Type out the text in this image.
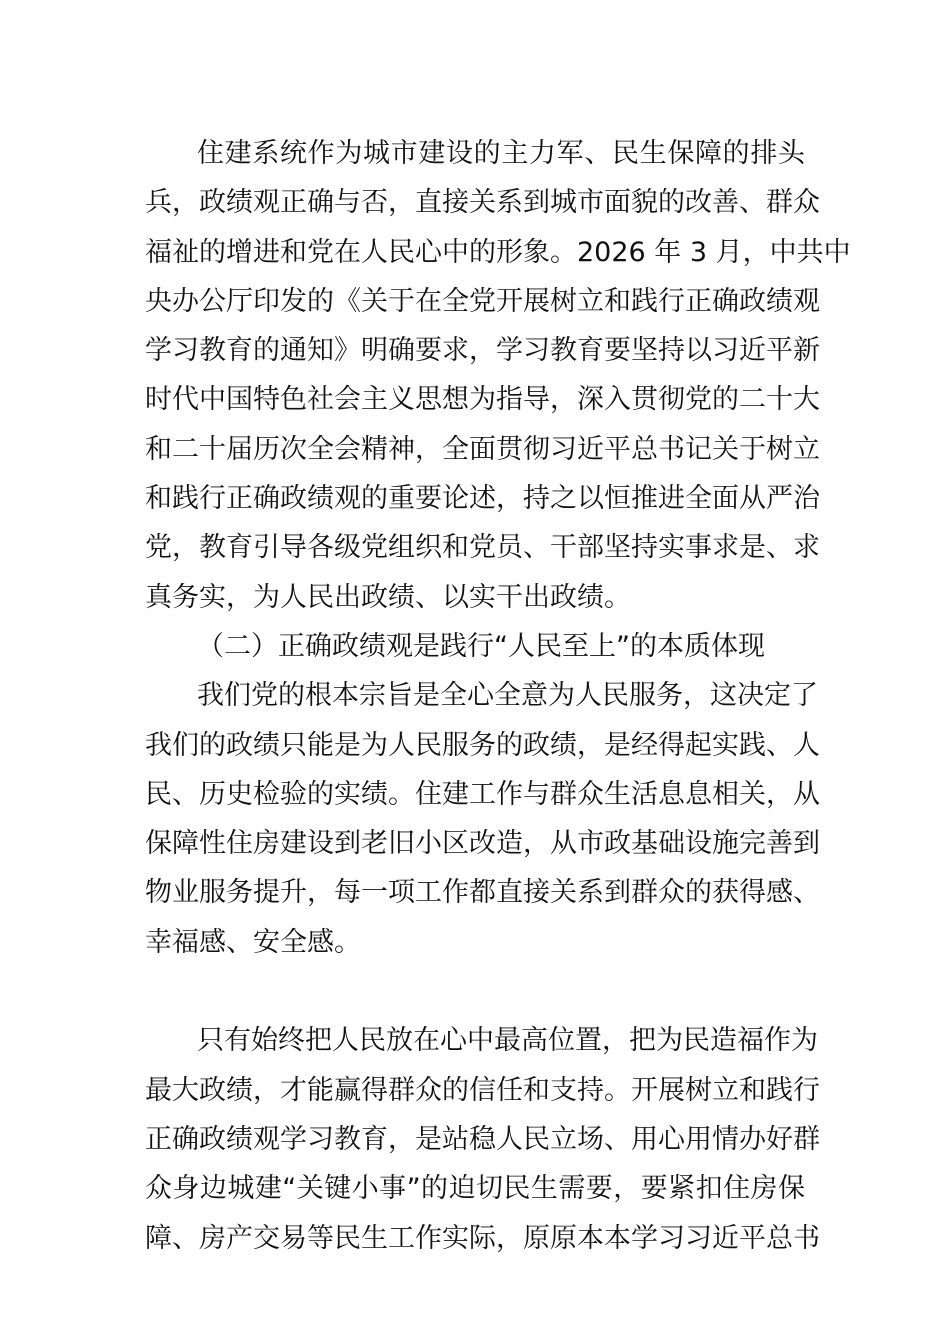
住建系统作为城市建设的主力军、民生保障的排头
兵，政绩观正确与否，直接关系到城市面貌的改善、群众
福祉的增进和党在人民心中的形象。2026 年 3 月，中共中
央办公厅印发的《关于在全党开展树立和践行正确政绩观
学习教育的通知》明确要求，学习教育要坚持以习近平新
时代中国特色社会主义思想为指导，深入贯彻党的二十大
和二十届历次全会精神，全面贯彻习近平总书记关于树立
和践行正确政绩观的重要论述，持之以恒推进全面从严治
党，教育引导各级党组织和党员、干部坚持实事求是、求
真务实，为人民出政绩、以实干出政绩。
（二）正确政绩观是践行“人民至上”的本质体现
我们党的根本宗旨是全心全意为人民服务，这决定了
我们的政绩只能是为人民服务的政绩，是经得起实践、人
民、历史检验的实绩。住建工作与群众生活息息相关，从
保障性住房建设到老旧小区改造，从市政基础设施完善到
物业服务提升，每一项工作都直接关系到群众的获得感、
幸福感、安全感。
只有始终把人民放在心中最高位置，把为民造福作为
最大政绩，才能赢得群众的信任和支持。开展树立和践行
正确政绩观学习教育，是站稳人民立场、用心用情办好群
众身边城建“关键小事”的迫切民生需要，要紧扣住房保
障、房产交易等民生工作实际，原原本本学习习近平总书
